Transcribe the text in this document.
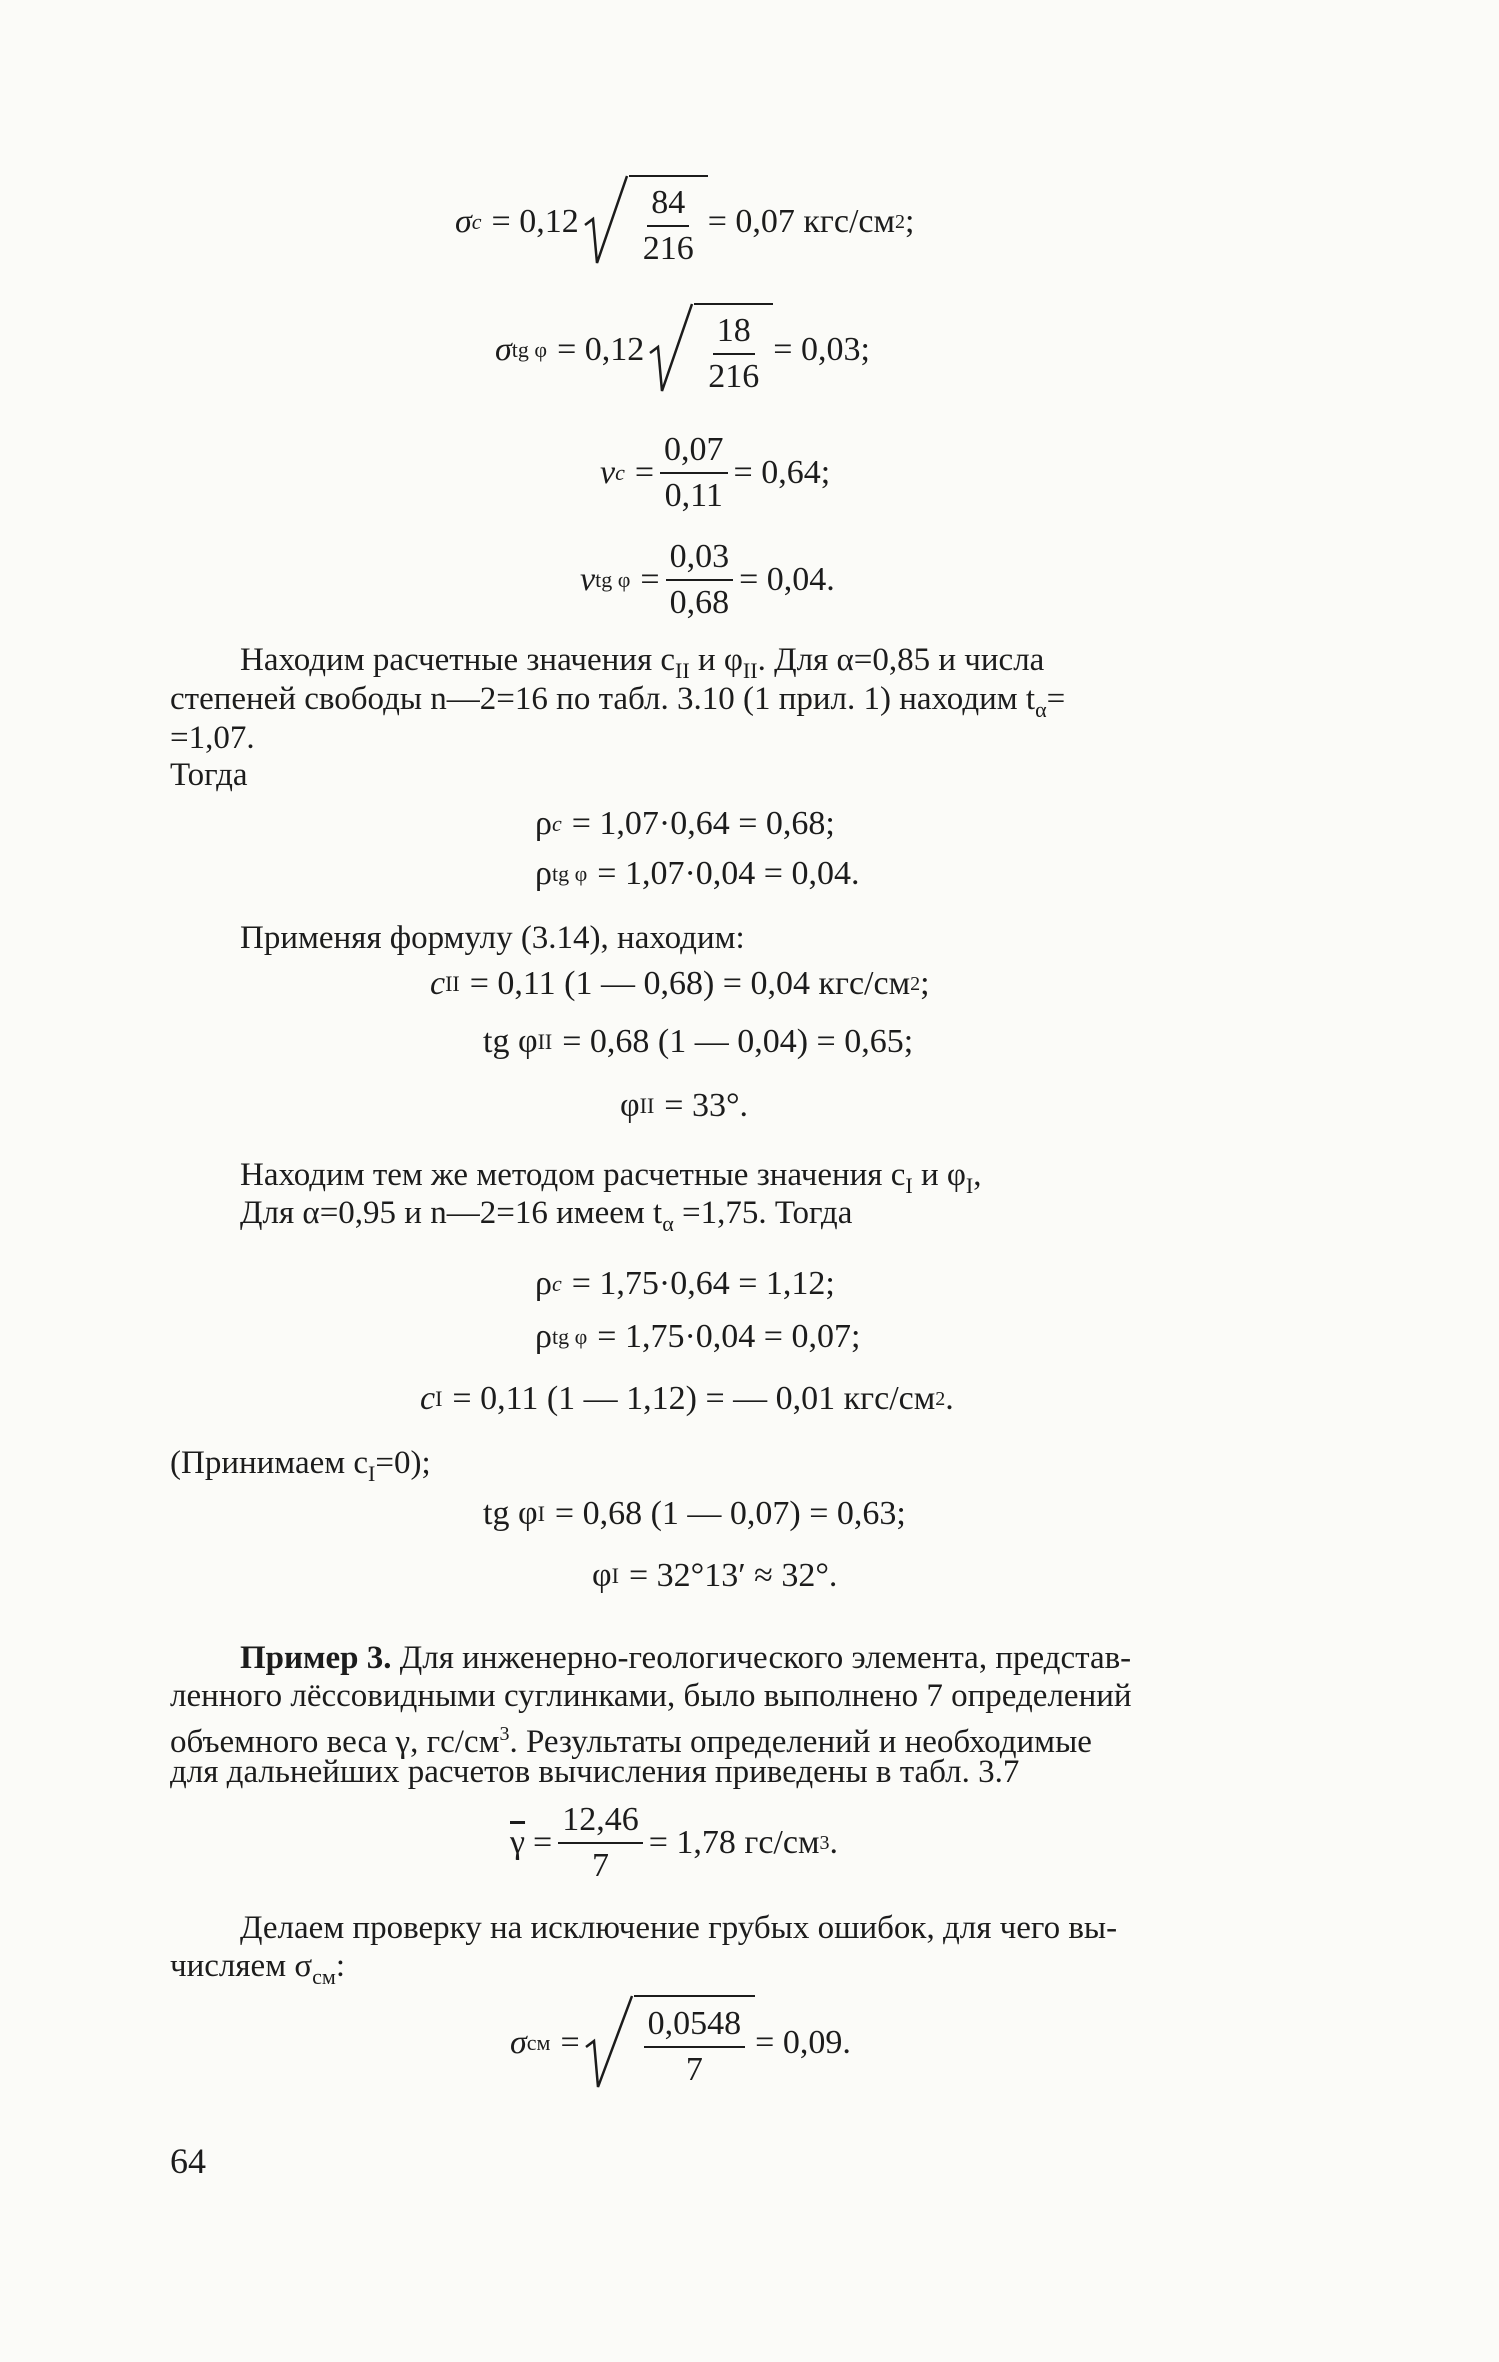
σ $c = 0,12 \frac{84}{216} = 0,07$ кгс/см 2 ;
σ tg $\varphi = 0,12 \frac{18}{216} = 0,03$;
v $c = \frac{0,07}{0,11} = 0,64$;
v tg $\varphi = \frac{0,03}{0,68} = 0,04$.
Находим расчетные значения $c_{II}$ и $\varphi_{II}$. Для α=0,85 и числа
степеней свободы n—2=16 по табл. 3.10 (1 прил. 1) находим $t_\alpha=$
=1,07.
Тогда
ρ c = 1,07·0,64 = 0,68;
ρ tg φ = 1,07·0,04 = 0,04.
Применяя формулу (3.14), находим:
c II = 0,11 (1 — 0,68) = 0,04 кгс/см 2 ;
tg φ II = 0,68 (1 — 0,04) = 0,65;
φ II = 33°.
Находим тем же методом расчетные значения $c_I$ и $\varphi_I$,
Для α=0,95 и n—2=16 имеем $t_\alpha =1,75$. Тогда
ρ c = 1,75·0,64 = 1,12;
ρ tg φ = 1,75·0,04 = 0,07;
c I = 0,11 (1 — 1,12) = — 0,01 кгс/см 2 .
(Принимаем $c_I=0$);
tg φ I = 0,68 (1 — 0,07) = 0,63;
φ I = 32°13′ ≈ 32°.
Пример 3. Для инженерно-геологического элемента, представ-
ленного лёссовидными суглинками, было выполнено 7 определений
объемного веса γ, $гс/см^3$. Результаты определений и необходимые
для дальнейших расчетов вычисления приведены в табл. 3.7
$\overline{\gamma} = \frac{12,46}{7} = 1,78$ гс/см 3 .
Делаем проверку на исключение грубых ошибок, для чего вы-
числяем $\sigma_{см}$:
σ см = $\frac{0,0548}{7} = 0,09$.
64
